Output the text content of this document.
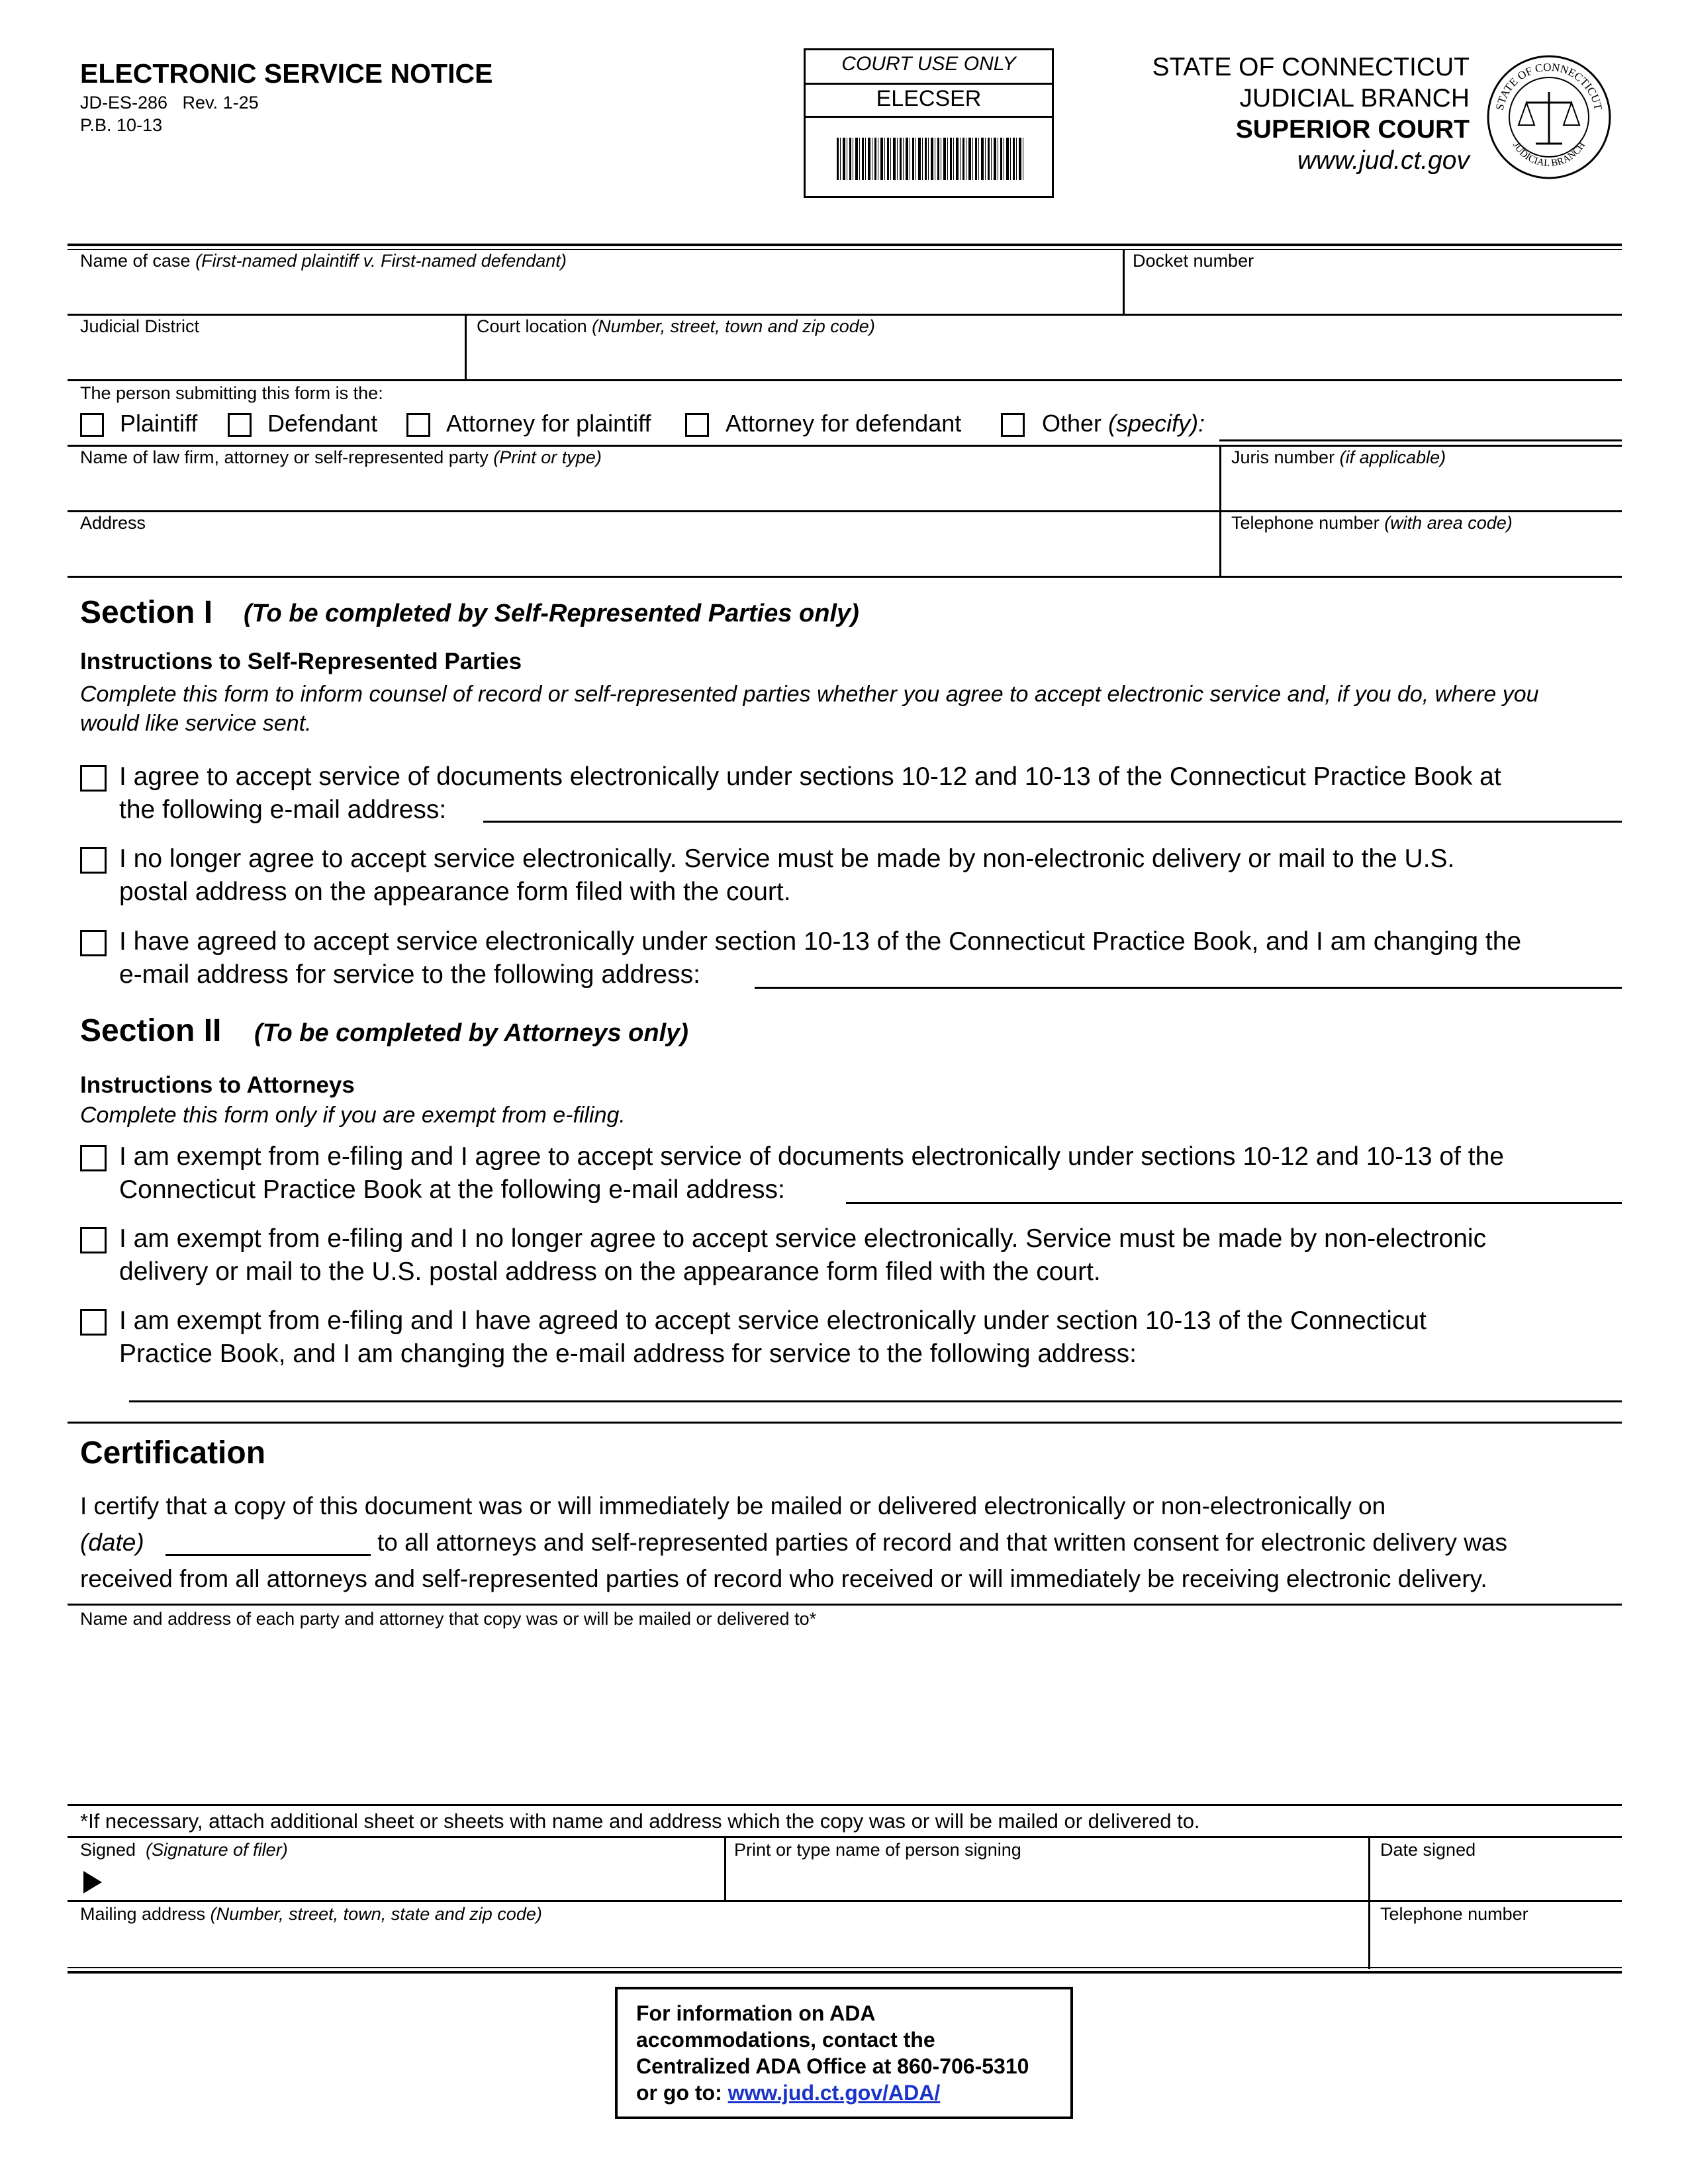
ELECTRONIC SERVICE NOTICE
JD-ES-286   Rev. 1-25
P.B. 10-13
COURT USE ONLY
ELECSER
STATE OF CONNECTICUT
JUDICIAL BRANCH
SUPERIOR COURT
www.jud.ct.gov
STATE OF CONNECTICUT
JUDICIAL BRANCH
Name of case (First-named plaintiff v. First-named defendant)	Docket number
Judicial District	Court location (Number, street, town and zip code)
The person submitting this form is the:
Plaintiff	Defendant	Attorney for plaintiff	Attorney for defendant	Other (specify):
Name of law firm, attorney or self-represented party (Print or type)	Juris number (if applicable)
Address	Telephone number (with area code)
Section I (To be completed by Self-Represented Parties only)
Instructions to Self-Represented Parties
Complete this form to inform counsel of record or self-represented parties whether you agree to accept electronic service and, if you do, where you would like service sent.
I agree to accept service of documents electronically under sections 10-12 and 10-13 of the Connecticut Practice Book at
the following e-mail address:
I no longer agree to accept service electronically. Service must be made by non-electronic delivery or mail to the U.S.
postal address on the appearance form filed with the court.
I have agreed to accept service electronically under section 10-13 of the Connecticut Practice Book, and I am changing the
e-mail address for service to the following address:
Section II (To be completed by Attorneys only)
Instructions to Attorneys
Complete this form only if you are exempt from e-filing.
I am exempt from e-filing and I agree to accept service of documents electronically under sections 10-12 and 10-13 of the
Connecticut Practice Book at the following e-mail address:
I am exempt from e-filing and I no longer agree to accept service electronically. Service must be made by non-electronic
delivery or mail to the U.S. postal address on the appearance form filed with the court.
I am exempt from e-filing and I have agreed to accept service electronically under section 10-13 of the Connecticut
Practice Book, and I am changing the e-mail address for service to the following address:
Certification
I certify that a copy of this document was or will immediately be mailed or delivered electronically or non-electronically on
(date)	to all attorneys and self-represented parties of record and that written consent for electronic delivery was
received from all attorneys and self-represented parties of record who received or will immediately be receiving electronic delivery.
Name and address of each party and attorney that copy was or will be mailed or delivered to*
*If necessary, attach additional sheet or sheets with name and address which the copy was or will be mailed or delivered to.
Signed (Signature of filer)	Print or type name of person signing	Date signed
Mailing address (Number, street, town, state and zip code)	Telephone number
For information on ADA
accommodations, contact the
Centralized ADA Office at 860-706-5310
or go to: www.jud.ct.gov/ADA/
